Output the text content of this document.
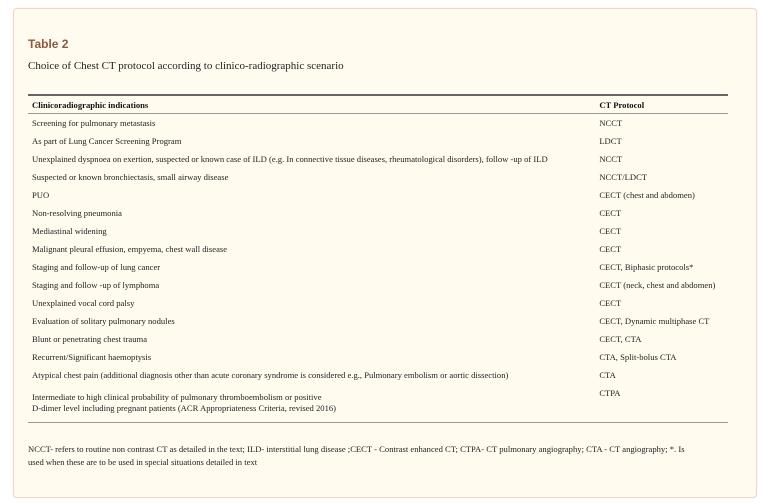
Table 2

Choice of Chest CT protocol according to clinico-radiographic scenario

Clinicoradiographic indications	CT Protocol
Screening for pulmonary metastasis	NCCT
As part of Lung Cancer Screening Program	LDCT
Unexplained dyspnoea on exertion, suspected or known case of ILD (e.g. In connective tissue diseases, rheumatological disorders), follow -up of ILD	NCCT
Suspected or known bronchiectasis, small airway disease	NCCT/LDCT
PUO	CECT (chest and abdomen)
Non-resolving pneumonia	CECT
Mediastinal widening	CECT
Malignant pleural effusion, empyema, chest wall disease	CECT
Staging and follow-up of lung cancer	CECT, Biphasic protocols*
Staging and follow -up of lymphoma	CECT (neck, chest and abdomen)
Unexplained vocal cord palsy	CECT
Evaluation of solitary pulmonary nodules	CECT, Dynamic multiphase CT
Blunt or penetrating chest trauma	CECT, CTA
Recurrent/Significant haemoptysis	CTA, Split-bolus CTA
Atypical chest pain (additional diagnosis other than acute coronary syndrome is considered e.g., Pulmonary embolism or aortic dissection)	CTA

Intermediate to high clinical probability of pulmonary thromboembolism or positive
D-dimer level including pregnant patients (ACR Appropriateness Criteria, revised 2016)	CTPA

NCCT- refers to routine non contrast CT as detailed in the text; ILD- interstitial lung disease ;CECT - Contrast enhanced CT; CTPA- CT pulmonary angiography; CTA - CT angiography; *. Is
used when these are to be used in special situations detailed in text
